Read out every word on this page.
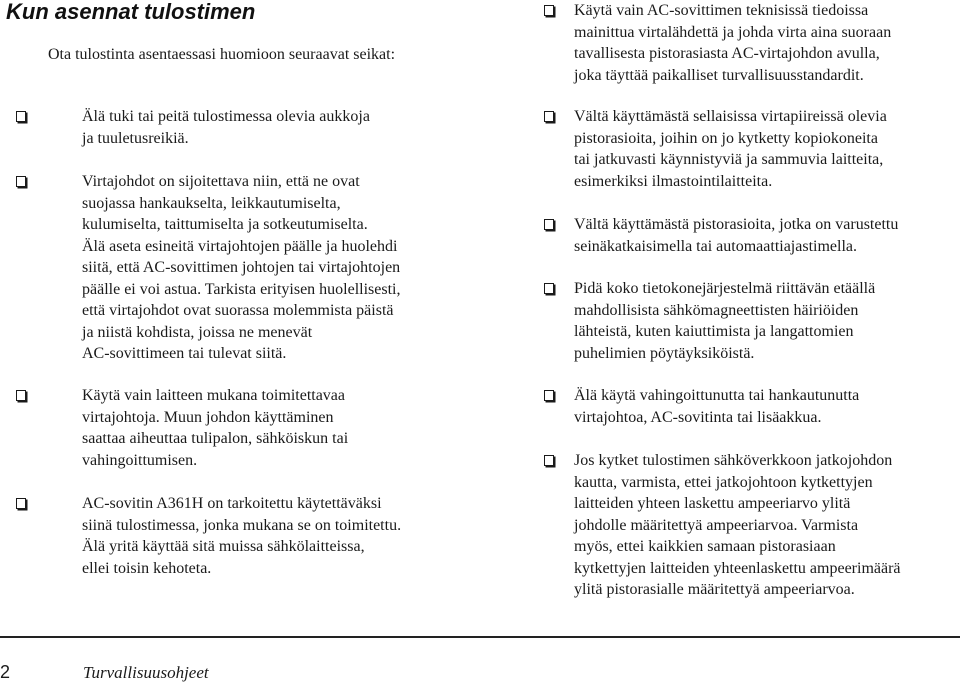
Kun asennat tulostimen

Ota tulostinta asentaessasi huomioon seuraavat seikat:

Älä tuki tai peitä tulostimessa olevia aukkoja
ja tuuletusreikiä.
Virtajohdot on sijoitettava niin, että ne ovat
suojassa hankaukselta, leikkautumiselta,
kulumiselta, taittumiselta ja sotkeutumiselta.
Älä aseta esineitä virtajohtojen päälle ja huolehdi
siitä, että AC-sovittimen johtojen tai virtajohtojen
päälle ei voi astua. Tarkista erityisen huolellisesti,
että virtajohdot ovat suorassa molemmista päistä
ja niistä kohdista, joissa ne menevät
AC-sovittimeen tai tulevat siitä.
Käytä vain laitteen mukana toimitettavaa
virtajohtoja. Muun johdon käyttäminen
saattaa aiheuttaa tulipalon, sähköiskun tai
vahingoittumisen.
AC-sovitin A361H on tarkoitettu käytettäväksi
siinä tulostimessa, jonka mukana se on toimitettu.
Älä yritä käyttää sitä muissa sähkölaitteissa,
ellei toisin kehoteta.
Käytä vain AC-sovittimen teknisissä tiedoissa
mainittua virtalähdettä ja johda virta aina suoraan
tavallisesta pistorasiasta AC-virtajohdon avulla,
joka täyttää paikalliset turvallisuusstandardit.
Vältä käyttämästä sellaisissa virtapiireissä olevia
pistorasioita, joihin on jo kytketty kopiokoneita
tai jatkuvasti käynnistyviä ja sammuvia laitteita,
esimerkiksi ilmastointilaitteita.
Vältä käyttämästä pistorasioita, jotka on varustettu
seinäkatkaisimella tai automaattiajastimella.
Pidä koko tietokonejärjestelmä riittävän etäällä
mahdollisista sähkömagneettisten häiriöiden
lähteistä, kuten kaiuttimista ja langattomien
puhelimien pöytäyksiköistä.
Älä käytä vahingoittunutta tai hankautunutta
virtajohtoa, AC-sovitinta tai lisäakkua.
Jos kytket tulostimen sähköverkkoon jatkojohdon
kautta, varmista, ettei jatkojohtoon kytkettyjen
laitteiden yhteen laskettu ampeeriarvo ylitä
johdolle määritettyä ampeeriarvoa. Varmista
myös, ettei kaikkien samaan pistorasiaan
kytkettyjen laitteiden yhteenlaskettu ampeerimäärä
ylitä pistorasialle määritettyä ampeeriarvoa.
2	Turvallisuusohjeet
